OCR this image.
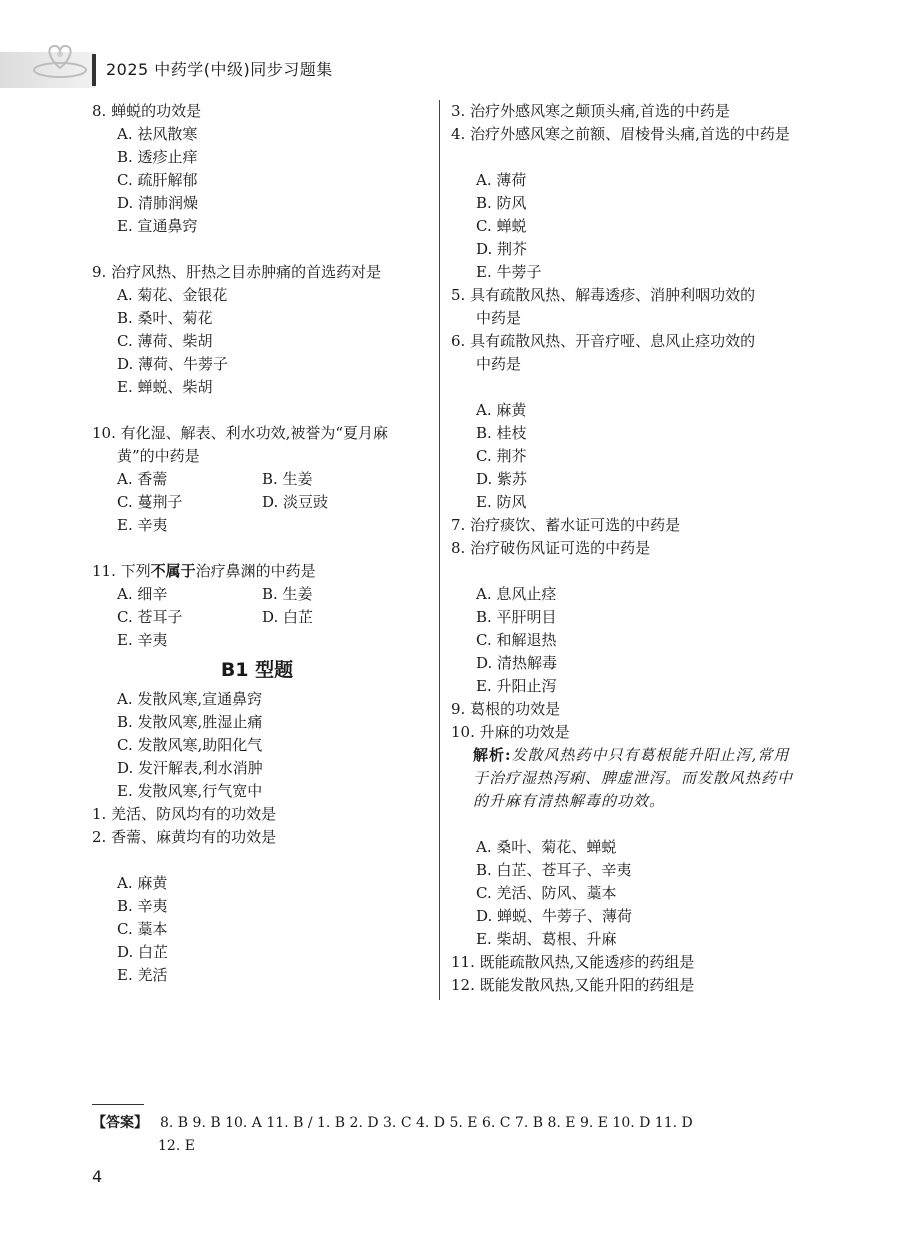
2025 中药学(中级)同步习题集
8. 蝉蜕的功效是
A. 祛风散寒
B. 透疹止痒
C. 疏肝解郁
D. 清肺润燥
E. 宣通鼻窍
9. 治疗风热、肝热之目赤肿痛的首选药对是
A. 菊花、金银花
B. 桑叶、菊花
C. 薄荷、柴胡
D. 薄荷、牛蒡子
E. 蝉蜕、柴胡
10. 有化湿、解表、利水功效,被誉为“夏月麻
黄”的中药是
A. 香薷	B. 生姜
C. 蔓荆子	D. 淡豆豉
E. 辛夷
11. 下列不属于治疗鼻渊的中药是
A. 细辛	B. 生姜
C. 苍耳子	D. 白芷
E. 辛夷
B1 型题
A. 发散风寒,宣通鼻窍
B. 发散风寒,胜湿止痛
C. 发散风寒,助阳化气
D. 发汗解表,利水消肿
E. 发散风寒,行气宽中
1. 羌活、防风均有的功效是
2. 香薷、麻黄均有的功效是
A. 麻黄
B. 辛夷
C. 藁本
D. 白芷
E. 羌活
3. 治疗外感风寒之颠顶头痛,首选的中药是
4. 治疗外感风寒之前额、眉棱骨头痛,首选的中药是
A. 薄荷
B. 防风
C. 蝉蜕
D. 荆芥
E. 牛蒡子
5. 具有疏散风热、解毒透疹、消肿利咽功效的
中药是
6. 具有疏散风热、开音疗哑、息风止痉功效的
中药是
A. 麻黄
B. 桂枝
C. 荆芥
D. 紫苏
E. 防风
7. 治疗痰饮、蓄水证可选的中药是
8. 治疗破伤风证可选的中药是
A. 息风止痉
B. 平肝明目
C. 和解退热
D. 清热解毒
E. 升阳止泻
9. 葛根的功效是
10. 升麻的功效是
解析:发散风热药中只有葛根能升阳止泻,常用于治疗湿热泻痢、脾虚泄泻。而发散风热药中的升麻有清热解毒的功效。
A. 桑叶、菊花、蝉蜕
B. 白芷、苍耳子、辛夷
C. 羌活、防风、藁本
D. 蝉蜕、牛蒡子、薄荷
E. 柴胡、葛根、升麻
11. 既能疏散风热,又能透疹的药组是
12. 既能发散风热,又能升阳的药组是
【答案】 8. B 9. B 10. A 11. B / 1. B 2. D 3. C 4. D 5. E 6. C 7. B 8. E 9. E 10. D 11. D
12. E
4
